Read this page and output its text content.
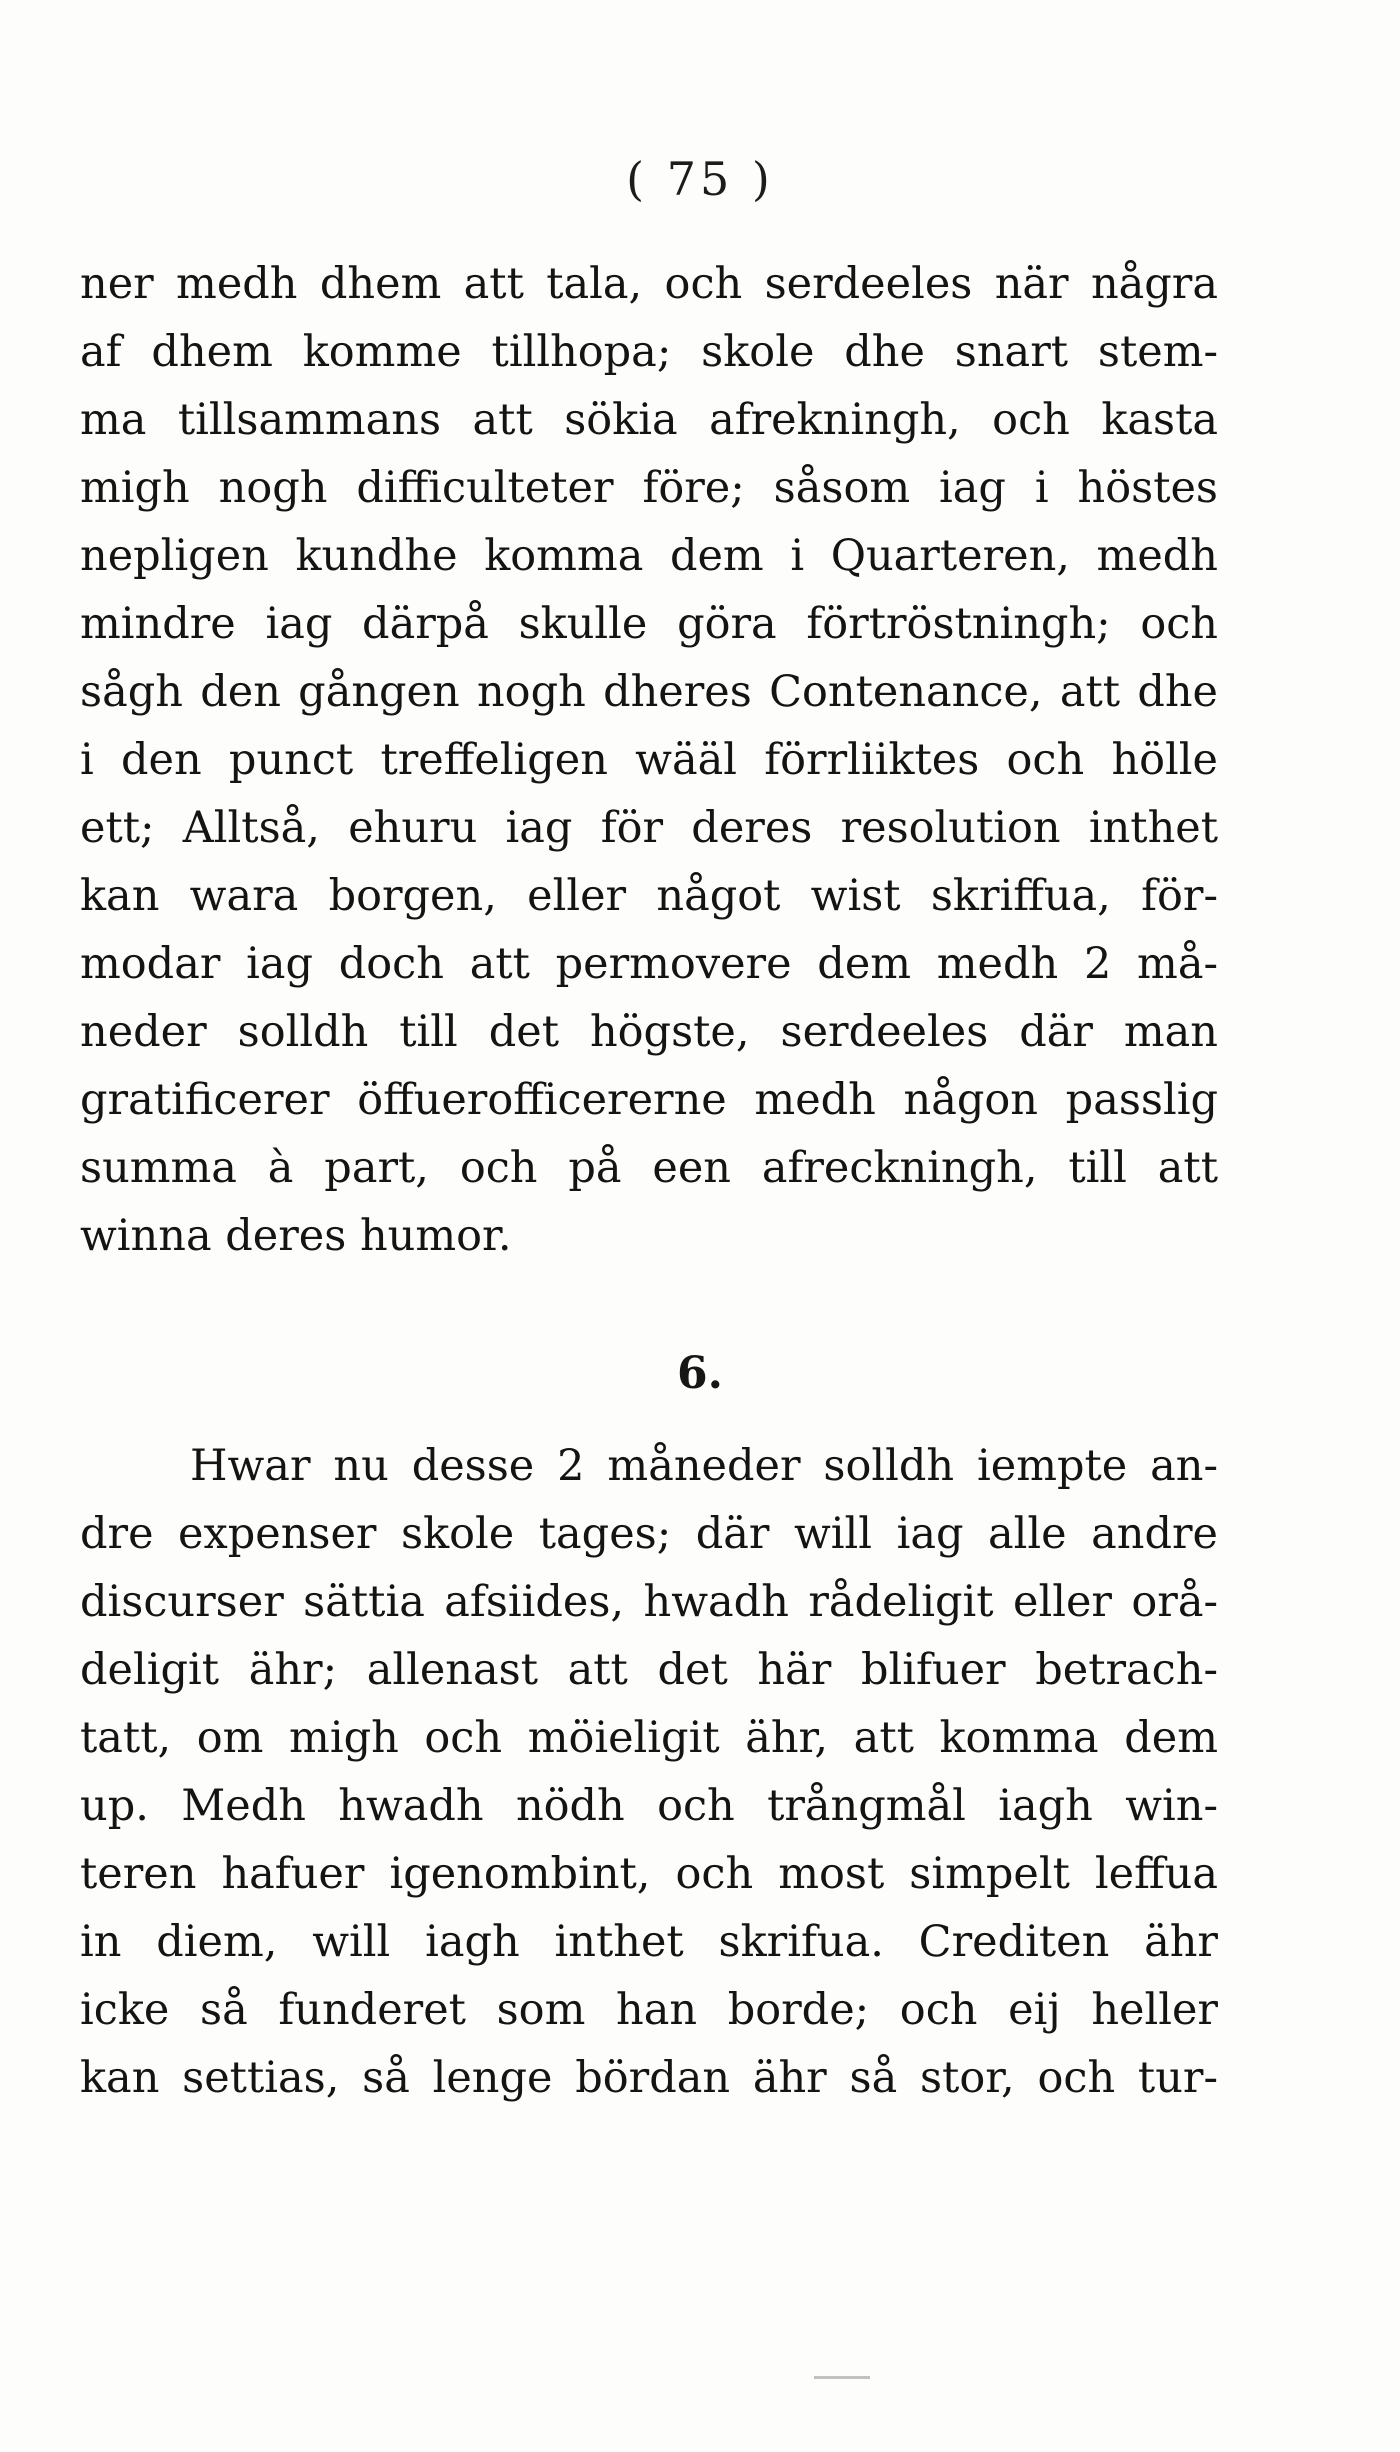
( 75 )
ner medh dhem att tala, och serdeeles när några
af dhem komme tillhopa; skole dhe snart stem-
ma tillsammans att sökia afrekningh, och kasta
migh nogh difficulteter före; såsom iag i höstes
nepligen kundhe komma dem i Quarteren, medh
mindre iag därpå skulle göra förtröstningh; och
sågh den gången nogh dheres Contenance, att dhe
i den punct treffeligen wääl förrliiktes och hölle
ett; Alltså, ehuru iag för deres resolution inthet
kan wara borgen, eller något wist skriffua, för-
modar iag doch att permovere dem medh 2 må-
neder solldh till det högste, serdeeles där man
gratificerer öffuerofficererne medh någon passlig
summa à part, och på een afreckningh, till att
winna deres humor.
6.
Hwar nu desse 2 måneder solldh iempte an-
dre expenser skole tages; där will iag alle andre
discurser sättia afsiides, hwadh rådeligit eller orå-
deligit ähr; allenast att det här blifuer betrach-
tatt, om migh och möieligit ähr, att komma dem
up. Medh hwadh nödh och trångmål iagh win-
teren hafuer igenombint, och most simpelt leffua
in diem, will iagh inthet skrifua. Crediten ähr
icke så funderet som han borde; och eij heller
kan settias, så lenge bördan ähr så stor, och tur-
